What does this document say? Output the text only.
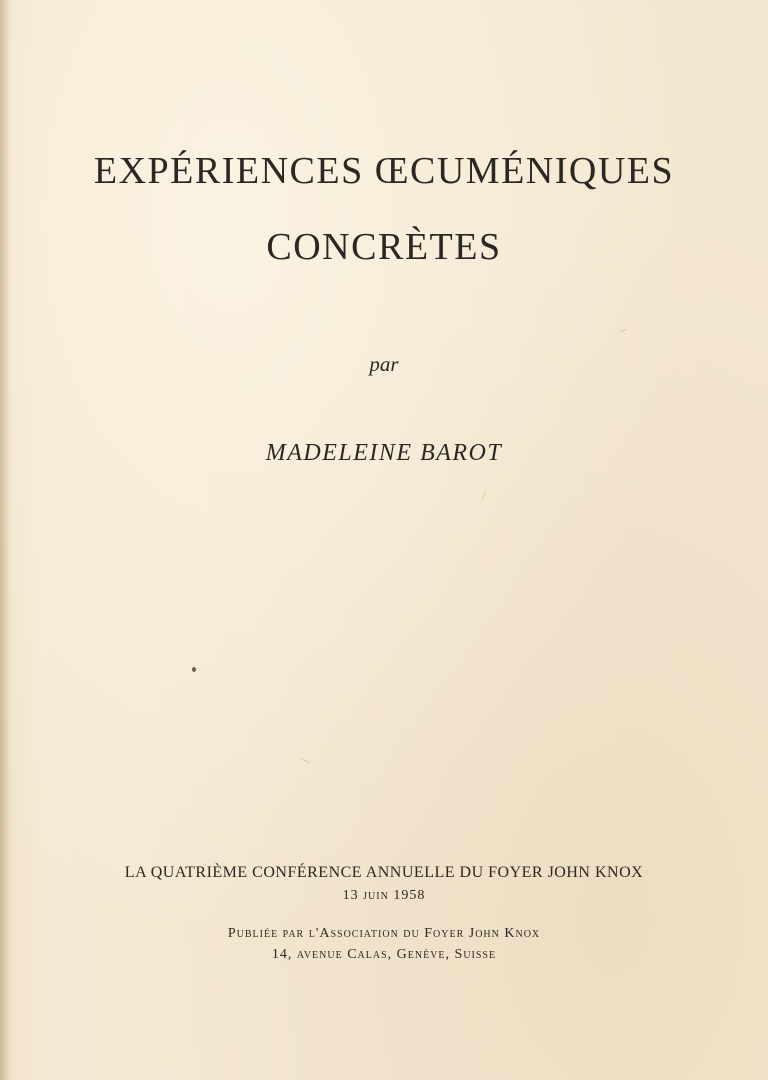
EXPÉRIENCES ŒCUMÉNIQUES
CONCRÈTES
par
MADELEINE BAROT
LA QUATRIÈME CONFÉRENCE ANNUELLE DU FOYER JOHN KNOX
13 juin 1958
Publiée par l'Association du Foyer John Knox
14, avenue Calas, Genève, Suisse
